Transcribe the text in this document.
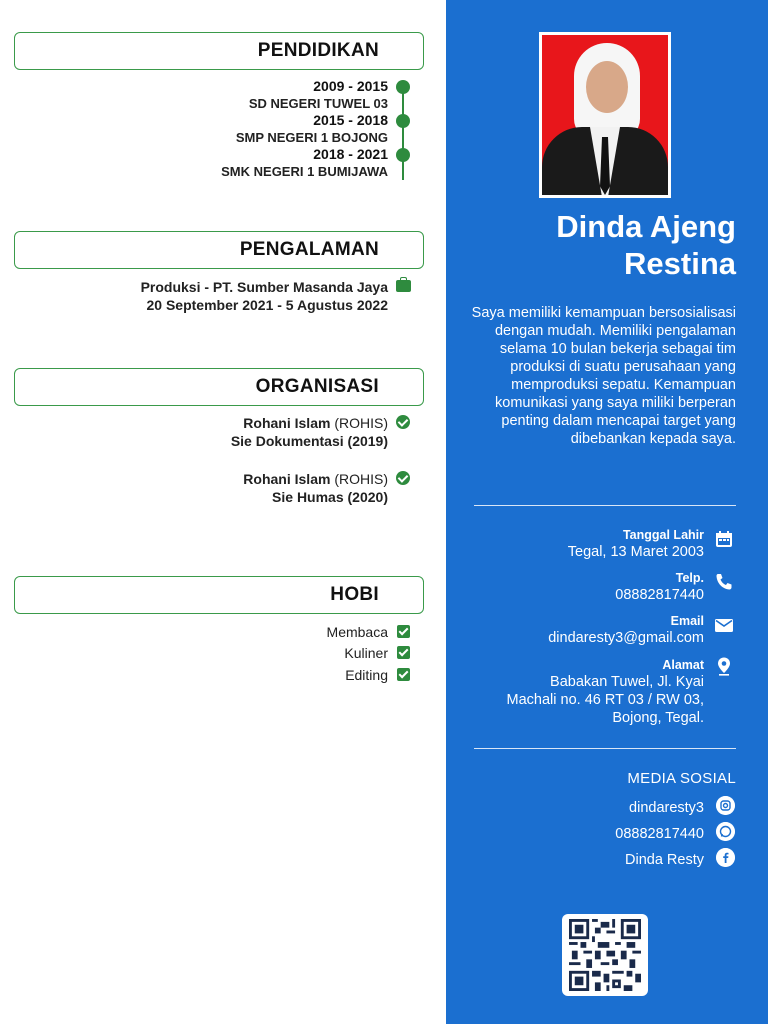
PENDIDIKAN
2009 - 2015
SD NEGERI TUWEL 03
2015 - 2018
SMP NEGERI 1 BOJONG
2018 - 2021
SMK NEGERI 1 BUMIJAWA
PENGALAMAN
Produksi - PT. Sumber Masanda Jaya
20 September 2021 - 5 Agustus 2022
ORGANISASI
Rohani Islam (ROHIS)
Sie Dokumentasi (2019)
Rohani Islam (ROHIS)
Sie Humas (2020)
HOBI
Membaca
Kuliner
Editing
Dinda Ajeng
Restina
Saya memiliki kemampuan bersosialisasi dengan mudah. Memiliki pengalaman selama 10 bulan bekerja sebagai tim produksi di suatu perusahaan yang memproduksi sepatu. Kemampuan komunikasi yang saya miliki berperan penting dalam mencapai target yang dibebankan kepada saya.
Tanggal Lahir
Tegal, 13 Maret 2003
Telp.
08882817440
Email
dindaresty3@gmail.com
Alamat
Babakan Tuwel, Jl. Kyai
Machali no. 46 RT 03 / RW 03,
Bojong, Tegal.
MEDIA SOSIAL
dindaresty3
08882817440
Dinda Resty
